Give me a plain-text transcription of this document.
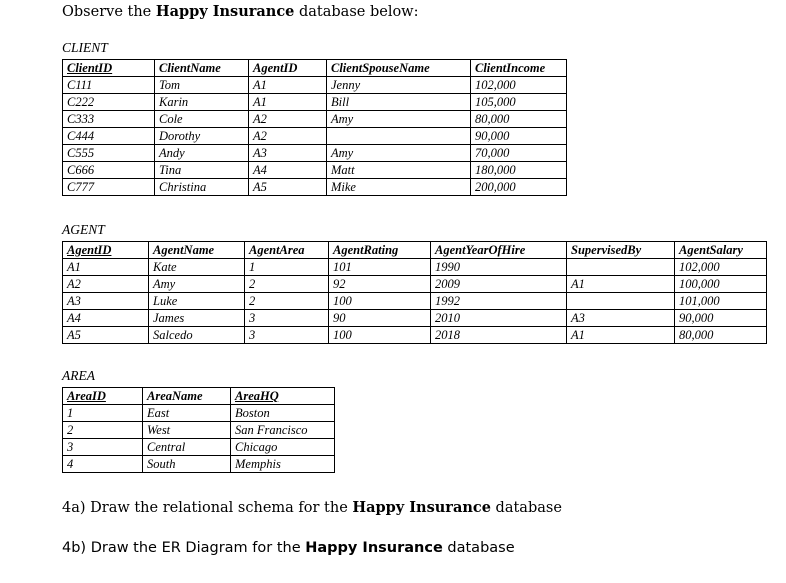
Observe the Happy Insurance database below:
CLIENT
ClientID	ClientName	AgentID	ClientSpouseName	ClientIncome
C111	Tom	A1	Jenny	102,000
C222	Karin	A1	Bill	105,000
C333	Cole	A2	Amy	80,000
C444	Dorothy	A2		90,000
C555	Andy	A3	Amy	70,000
C666	Tina	A4	Matt	180,000
C777	Christina	A5	Mike	200,000
AGENT
AgentID	AgentName	AgentArea	AgentRating	AgentYearOfHire	SupervisedBy	AgentSalary
A1	Kate	1	101	1990		102,000
A2	Amy	2	92	2009	A1	100,000
A3	Luke	2	100	1992		101,000
A4	James	3	90	2010	A3	90,000
A5	Salcedo	3	100	2018	A1	80,000
AREA
AreaID	AreaName	AreaHQ
1	East	Boston
2	West	San Francisco
3	Central	Chicago
4	South	Memphis
4a) Draw the relational schema for the Happy Insurance database
4b) Draw the ER Diagram for the Happy Insurance database
